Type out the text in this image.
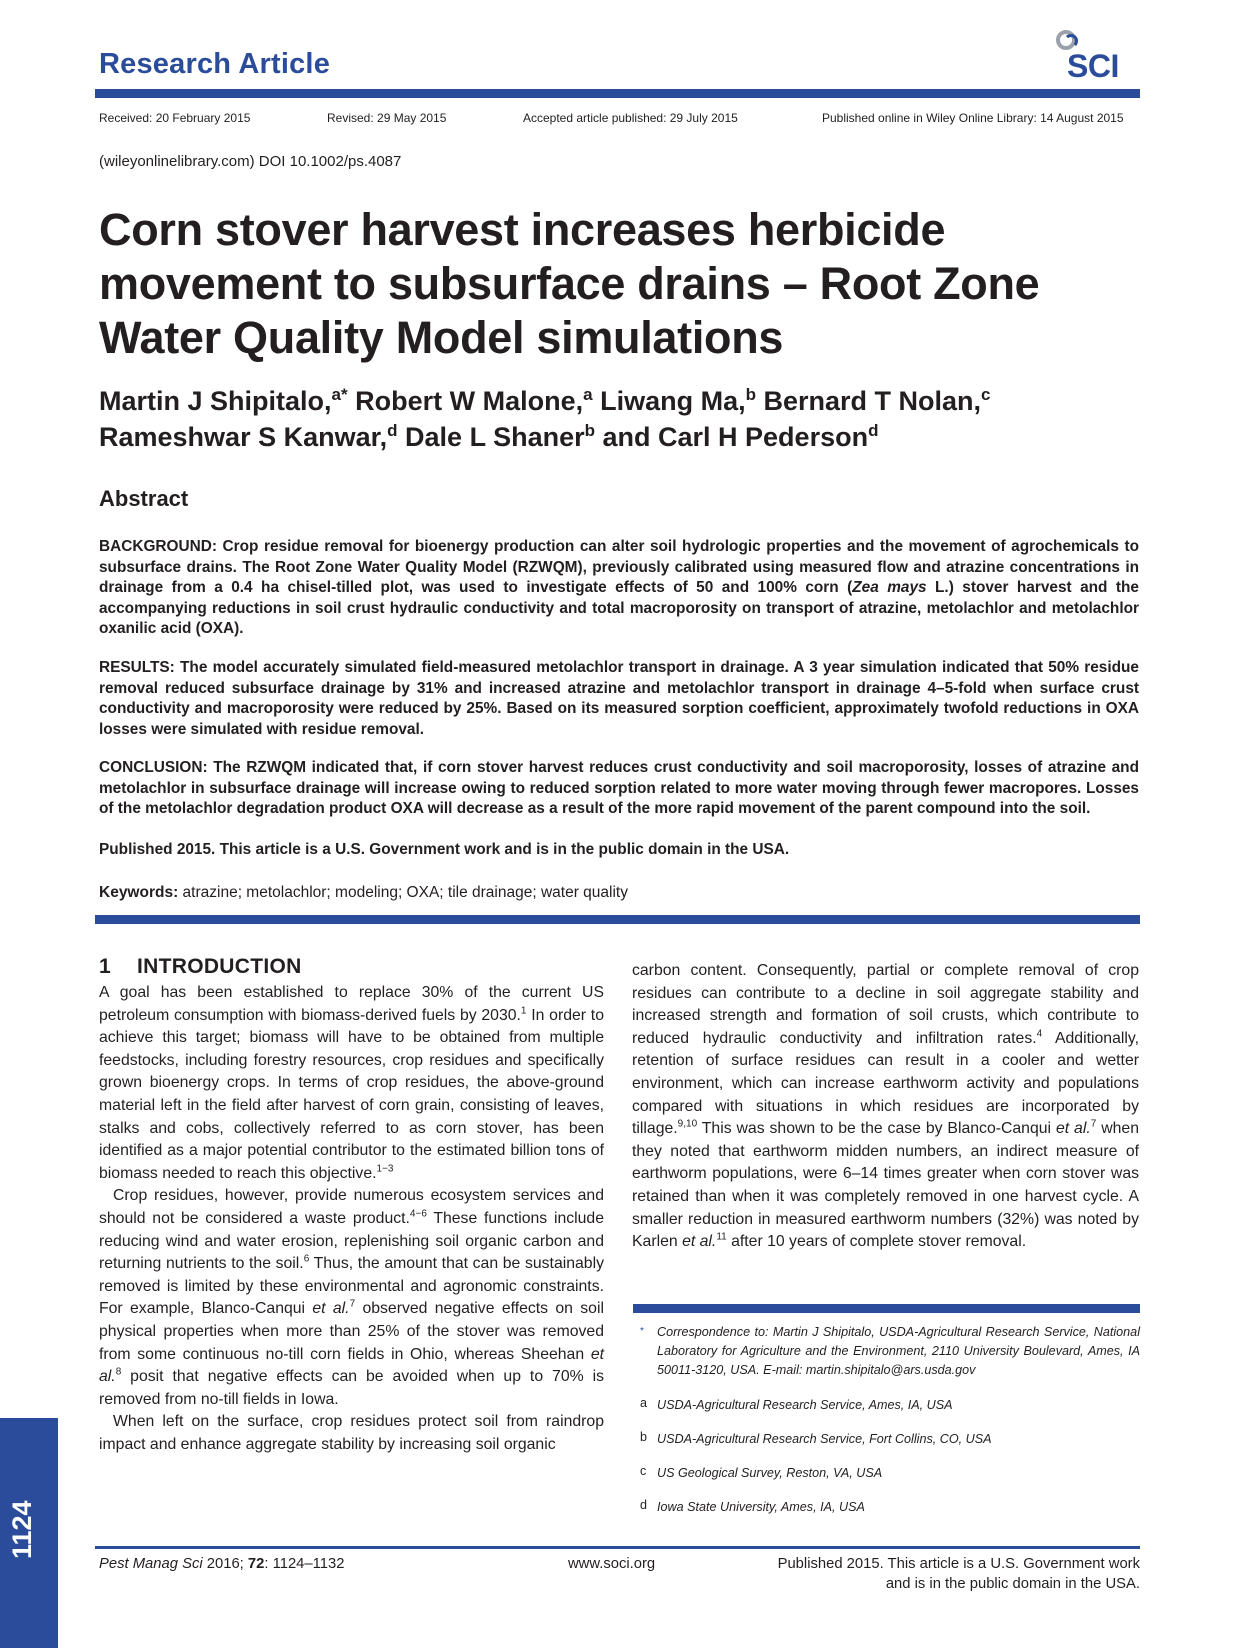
Research Article	SCI
Received: 20 February 2015	Revised: 29 May 2015	Accepted article published: 29 July 2015	Published online in Wiley Online Library: 14 August 2015
(wileyonlinelibrary.com) DOI 10.1002/ps.4087
Corn stover harvest increases herbicide
movement to subsurface drains – Root Zone
Water Quality Model simulations
Martin J Shipitalo,$^{a*}$ Robert W Malone,$^a$ Liwang Ma,$^b$ Bernard T Nolan,$^c$
Rameshwar S Kanwar,$^d$ Dale L Shaner$^b$ and Carl H Pederson$^d$
Abstract
BACKGROUND: Crop residue removal for bioenergy production can alter soil hydrologic properties and the movement of agrochemicals to subsurface drains. The Root Zone Water Quality Model (RZWQM), previously calibrated using measured flow and atrazine concentrations in drainage from a 0.4 ha chisel-tilled plot, was used to investigate effects of 50 and 100% corn (Zea mays L.) stover harvest and the accompanying reductions in soil crust hydraulic conductivity and total macroporosity on transport of atrazine, metolachlor and metolachlor oxanilic acid (OXA).
RESULTS: The model accurately simulated field-measured metolachlor transport in drainage. A 3 year simulation indicated that 50% residue removal reduced subsurface drainage by 31% and increased atrazine and metolachlor transport in drainage 4–5-fold when surface crust conductivity and macroporosity were reduced by 25%. Based on its measured sorption coefficient, approximately twofold reductions in OXA losses were simulated with residue removal.
CONCLUSION: The RZWQM indicated that, if corn stover harvest reduces crust conductivity and soil macroporosity, losses of atrazine and metolachlor in subsurface drainage will increase owing to reduced sorption related to more water moving through fewer macropores. Losses of the metolachlor degradation product OXA will decrease as a result of the more rapid movement of the parent compound into the soil.
Published 2015. This article is a U.S. Government work and is in the public domain in the USA.
Keywords: atrazine; metolachlor; modeling; OXA; tile drainage; water quality
1 INTRODUCTION

A goal has been established to replace 30% of the current US petroleum consumption with biomass-derived fuels by 2030.$^1$ In order to achieve this target; biomass will have to be obtained from multiple feedstocks, including forestry resources, crop residues and specifically grown bioenergy crops. In terms of crop residues, the above-ground material left in the field after harvest of corn grain, consisting of leaves, stalks and cobs, collectively referred to as corn stover, has been identified as a major potential contributor to the estimated billion tons of biomass needed to reach this objective.$^{1-3}$

Crop residues, however, provide numerous ecosystem services and should not be considered a waste product.$^{4-6}$ These functions include reducing wind and water erosion, replenishing soil organic carbon and returning nutrients to the soil.$^6$ Thus, the amount that can be sustainably removed is limited by these environmental and agronomic constraints. For example, Blanco-Canqui et al.$^7$ observed negative effects on soil physical properties when more than 25% of the stover was removed from some continuous no-till corn fields in Ohio, whereas Sheehan et al.$^8$ posit that negative effects can be avoided when up to 70% is removed from no-till fields in Iowa.

When left on the surface, crop residues protect soil from raindrop impact and enhance aggregate stability by increasing soil organic

carbon content. Consequently, partial or complete removal of crop residues can contribute to a decline in soil aggregate stability and increased strength and formation of soil crusts, which contribute to reduced hydraulic conductivity and infiltration rates.$^4$ Additionally, retention of surface residues can result in a cooler and wetter environment, which can increase earthworm activity and populations compared with situations in which residues are incorporated by tillage.$^{9,10}$ This was shown to be the case by Blanco-Canqui et al.$^7$ when they noted that earthworm midden numbers, an indirect measure of earthworm populations, were 6–14 times greater when corn stover was retained than when it was completely removed in one harvest cycle. A smaller reduction in measured earthworm numbers (32%) was noted by Karlen et al.$^{11}$ after 10 years of complete stover removal.

* Correspondence to: Martin J Shipitalo, USDA-Agricultural Research Service, National Laboratory for Agriculture and the Environment, 2110 University Boulevard, Ames, IA 50011-3120, USA. E-mail: martin.shipitalo@ars.usda.gov
a USDA-Agricultural Research Service, Ames, IA, USA
b USDA-Agricultural Research Service, Fort Collins, CO, USA
c US Geological Survey, Reston, VA, USA
d Iowa State University, Ames, IA, USA
1124
Pest Manag Sci 2016; 72: 1124–1132	www.soci.org	Published 2015. This article is a U.S. Government work
and is in the public domain in the USA.
